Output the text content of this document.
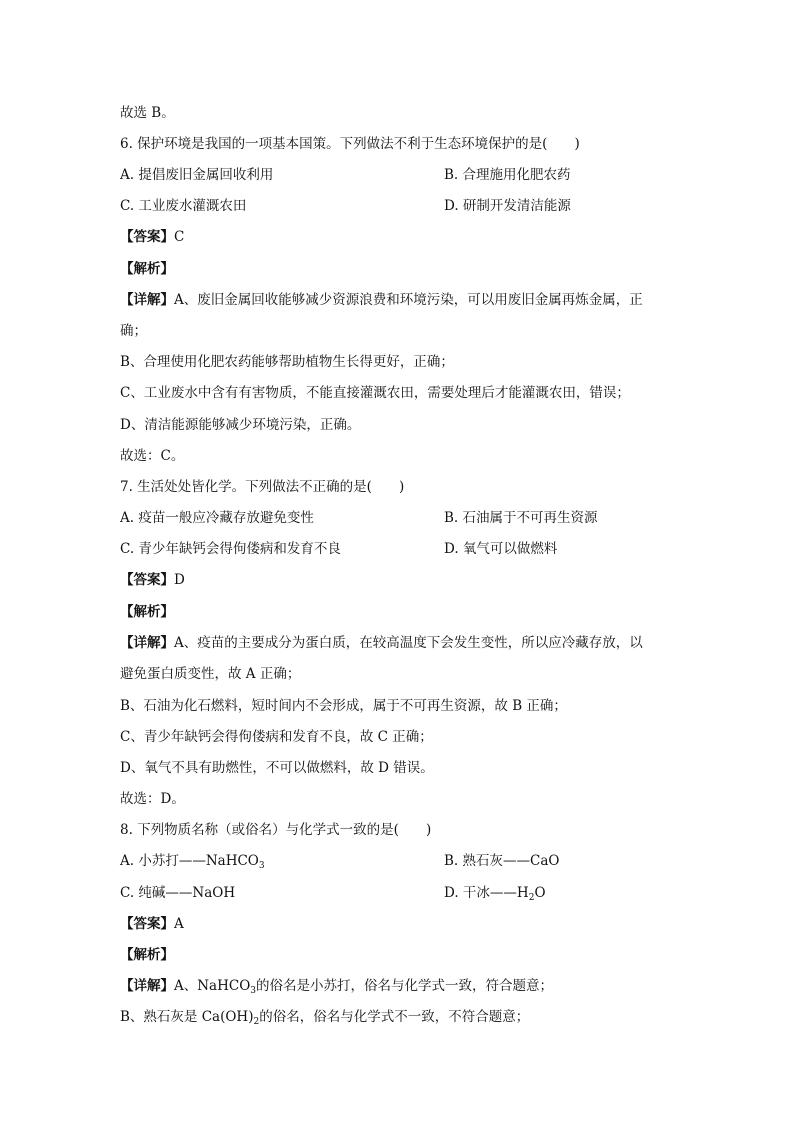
故选 B。
6. 保护环境是我国的一项基本国策。下列做法不利于生态环境保护的是(　　)
A. 提倡废旧金属回收利用	B. 合理施用化肥农药
C. 工业废水灌溉农田	D. 研制开发清洁能源
【答案】C
【解析】
【详解】A、废旧金属回收能够减少资源浪费和环境污染，可以用废旧金属再炼金属，正
确；
B、合理使用化肥农药能够帮助植物生长得更好，正确；
C、工业废水中含有有害物质，不能直接灌溉农田，需要处理后才能灌溉农田，错误；
D、清洁能源能够减少环境污染，正确。
故选：C。
7. 生活处处皆化学。下列做法不正确的是(　　)
A. 疫苗一般应冷藏存放避免变性	B. 石油属于不可再生资源
C. 青少年缺钙会得佝偻病和发育不良	D. 氧气可以做燃料
【答案】D
【解析】
【详解】A、疫苗的主要成分为蛋白质，在较高温度下会发生变性，所以应冷藏存放，以
避免蛋白质变性，故 A 正确；
B、石油为化石燃料，短时间内不会形成，属于不可再生资源，故 B 正确；
C、青少年缺钙会得佝偻病和发育不良，故 C 正确；
D、氧气不具有助燃性，不可以做燃料，故 D 错误。
故选：D。
8. 下列物质名称（或俗名）与化学式一致的是(　　)
A. 小苏打——NaHCO$_3$	B. 熟石灰——CaO
C. 纯碱——NaOH	D. 干冰$——H_2O$
【答案】A
【解析】
【详解】A、NaHCO$_3$的俗名是小苏打，俗名与化学式一致，符合题意；
B、熟石灰是 $Ca(OH)_2$的俗名，俗名与化学式不一致，不符合题意；
